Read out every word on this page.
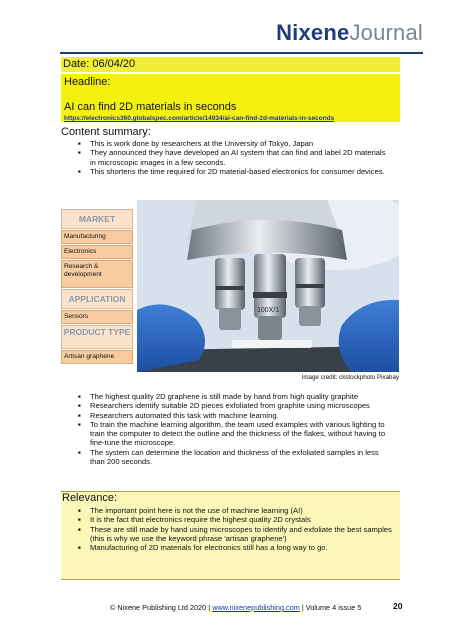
NixeneJournal
Date: 06/04/20
Headline:
AI can find 2D materials in seconds
https://electronics360.globalspec.com/article/14934/ai-can-find-2d-materials-in-seconds
Content summary:
■ This is work done by researchers at the University of Tokyo, Japan
■ They announced they have developed an AI system that can find and label 2D materials in microscopic images in a few seconds.
■ This shortens the time required for 2D material-based electronics for consumer devices.
MARKET
Manufacturing
Electronics
Research & development
APPLICATION
Sensors
PRODUCT TYPE
Artisan graphene
100X/1
Image credit: ckstockphoto Pixabay
■ The highest quality 2D graphene is still made by hand from high quality graphite
■ Researchers identify suitable 2D pieces exfoliated from graphite using microscopes
■ Researchers automated this task with machine learning.
■ To train the machine learning algorithm, the team used examples with various lighting to train the computer to detect the outline and the thickness of the flakes, without having to fine-tune the microscope.
■ The system can determine the location and thickness of the exfoliated samples in less than 200 seconds.
Relevance:
■ The important point here is not the use of machine learning (AI)
■ It is the fact that electronics require the highest quality 2D crystals
■ These are still made by hand using microscopes to identify and exfoliate the best samples (this is why we use the keyword phrase 'artisan graphene')
■ Manufacturing of 2D materials for electronics still has a long way to go.
© Nixene Publishing Ltd 2020 | www.nixenepublishing.com | Volume 4 issue 5	20
